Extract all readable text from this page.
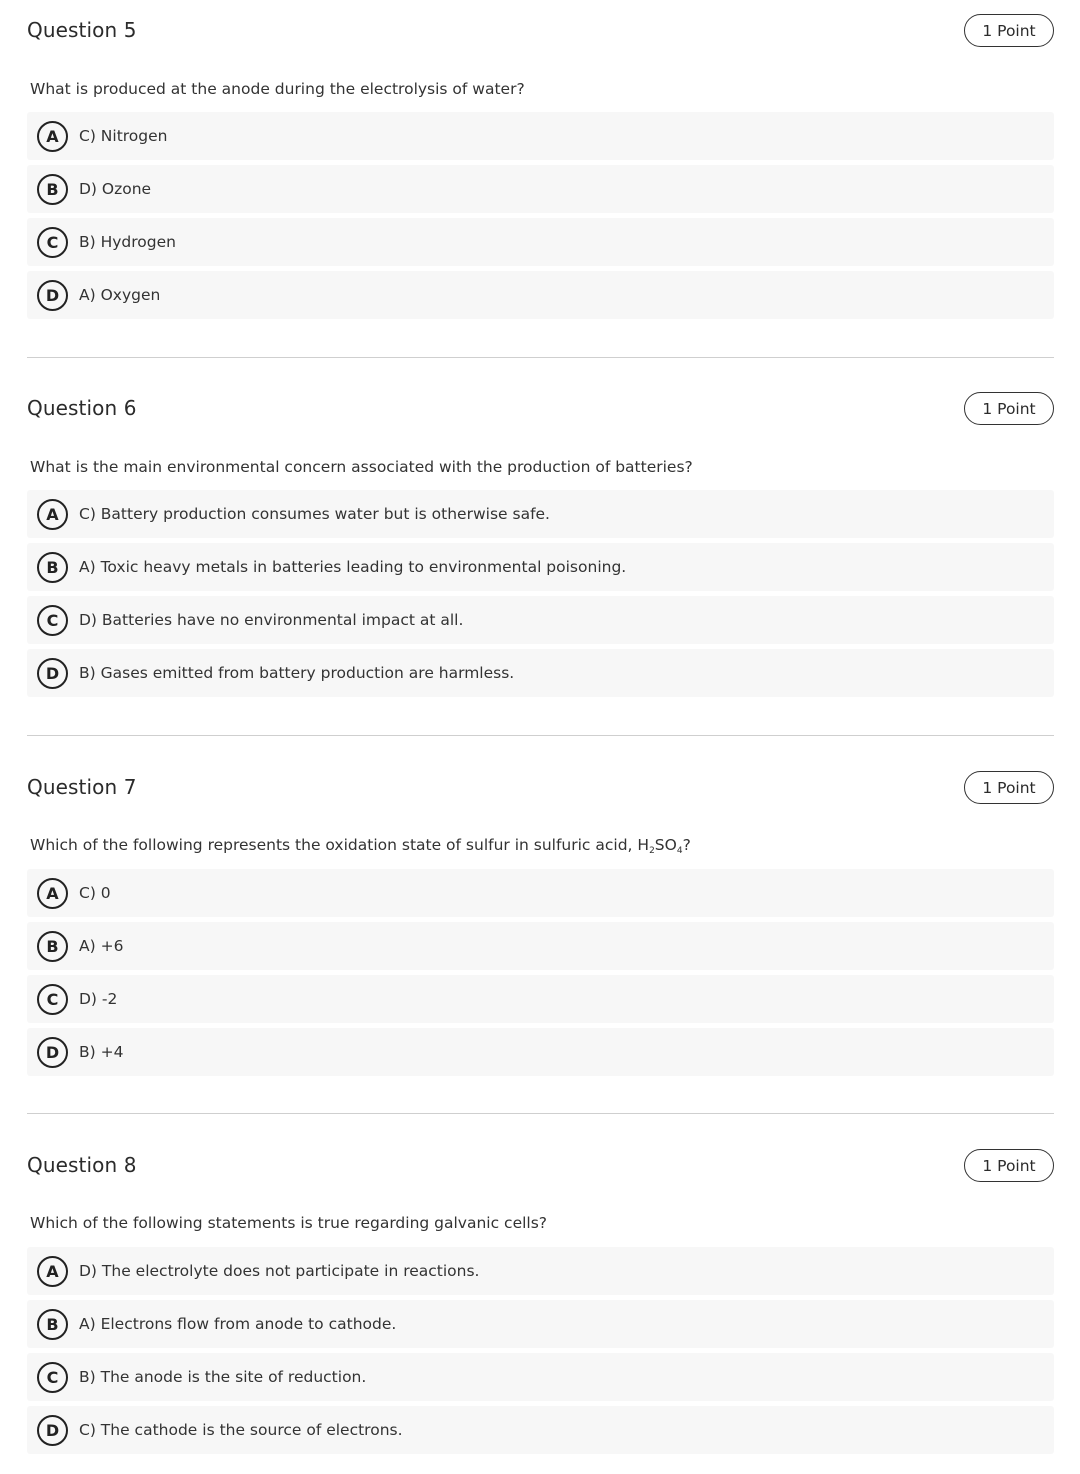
Question 5	1 Point

What is produced at the anode during the electrolysis of water?

A	C) Nitrogen
B	D) Ozone
C	B) Hydrogen
D	A) Oxygen
Question 6	1 Point

What is the main environmental concern associated with the production of batteries?

A	C) Battery production consumes water but is otherwise safe.
B	A) Toxic heavy metals in batteries leading to environmental poisoning.
C	D) Batteries have no environmental impact at all.
D	B) Gases emitted from battery production are harmless.
Question 7	1 Point

Which of the following represents the oxidation state of sulfur in sulfuric acid, $H_2SO_4$?

A	C) 0
B	A) +6
C	D) -2
D	B) +4
Question 8	1 Point

Which of the following statements is true regarding galvanic cells?

A	D) The electrolyte does not participate in reactions.
B	A) Electrons flow from anode to cathode.
C	B) The anode is the site of reduction.
D	C) The cathode is the source of electrons.
